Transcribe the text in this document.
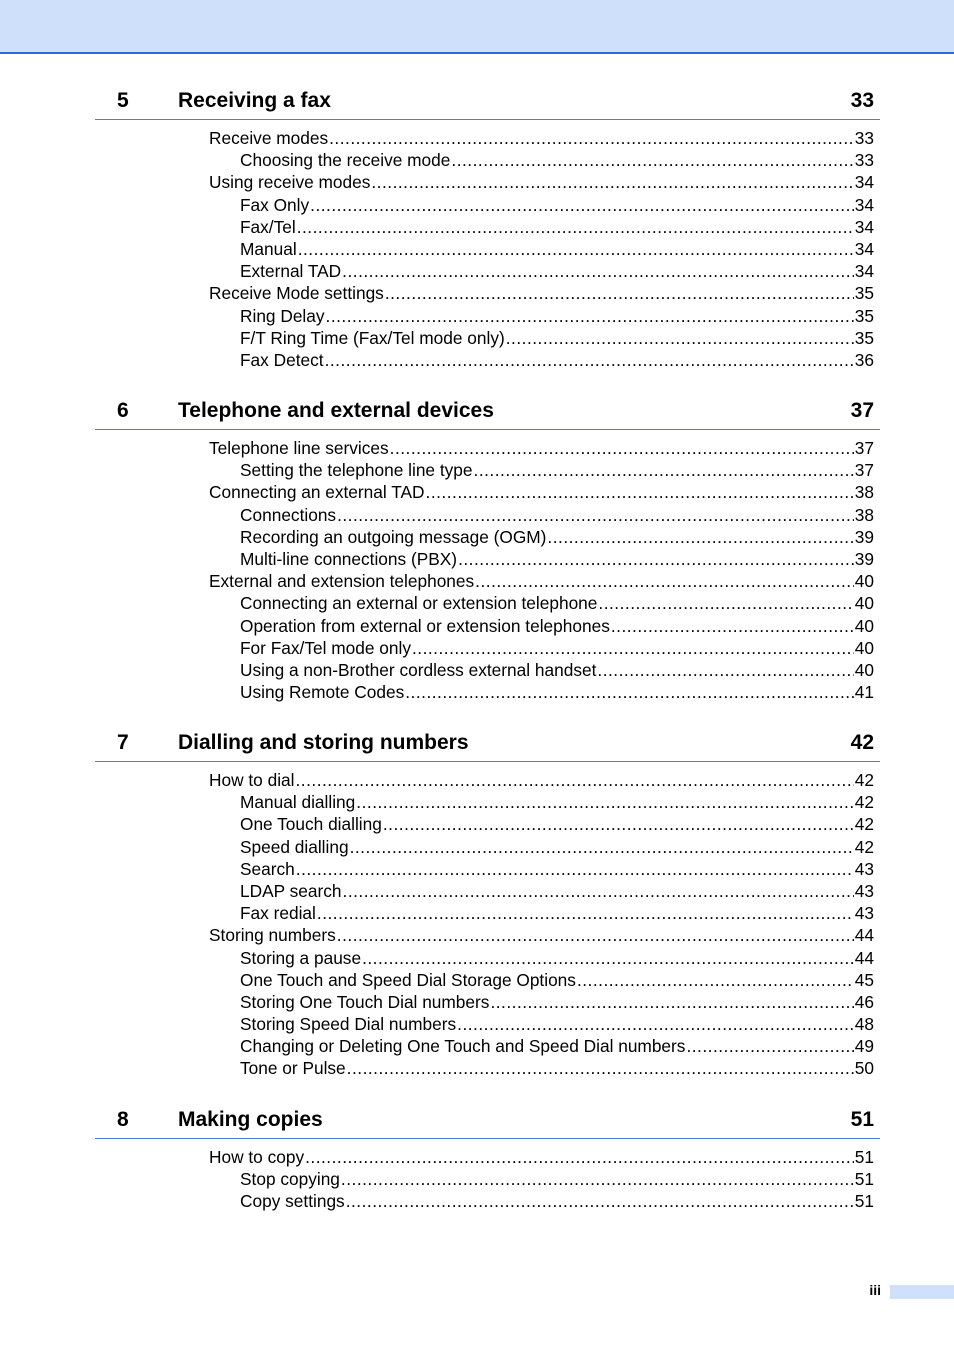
5 Receiving a fax	33
Receive modes .....	33
Choosing the receive mode .....	33
Using receive modes .....	34
Fax Only .....	34
Fax/Tel .....	34
Manual .....	34
External TAD .....	34
Receive Mode settings .....	35
Ring Delay .....	35
F/T Ring Time (Fax/Tel mode only) .....	35
Fax Detect .....	36
6 Telephone and external devices	37
Telephone line services .....	37
Setting the telephone line type .....	37
Connecting an external TAD .....	38
Connections .....	38
Recording an outgoing message (OGM) .....	39
Multi-line connections (PBX) .....	39
External and extension telephones .....	40
Connecting an external or extension telephone .....	40
Operation from external or extension telephones .....	40
For Fax/Tel mode only .....	40
Using a non-Brother cordless external handset .....	40
Using Remote Codes .....	41
7 Dialling and storing numbers	42
How to dial .....	42
Manual dialling .....	42
One Touch dialling .....	42
Speed dialling .....	42
Search .....	43
LDAP search .....	43
Fax redial .....	43
Storing numbers .....	44
Storing a pause .....	44
One Touch and Speed Dial Storage Options .....	45
Storing One Touch Dial numbers .....	46
Storing Speed Dial numbers .....	48
Changing or Deleting One Touch and Speed Dial numbers .....	49
Tone or Pulse .....	50
8 Making copies	51
How to copy .....	51
Stop copying .....	51
Copy settings .....	51
iii
